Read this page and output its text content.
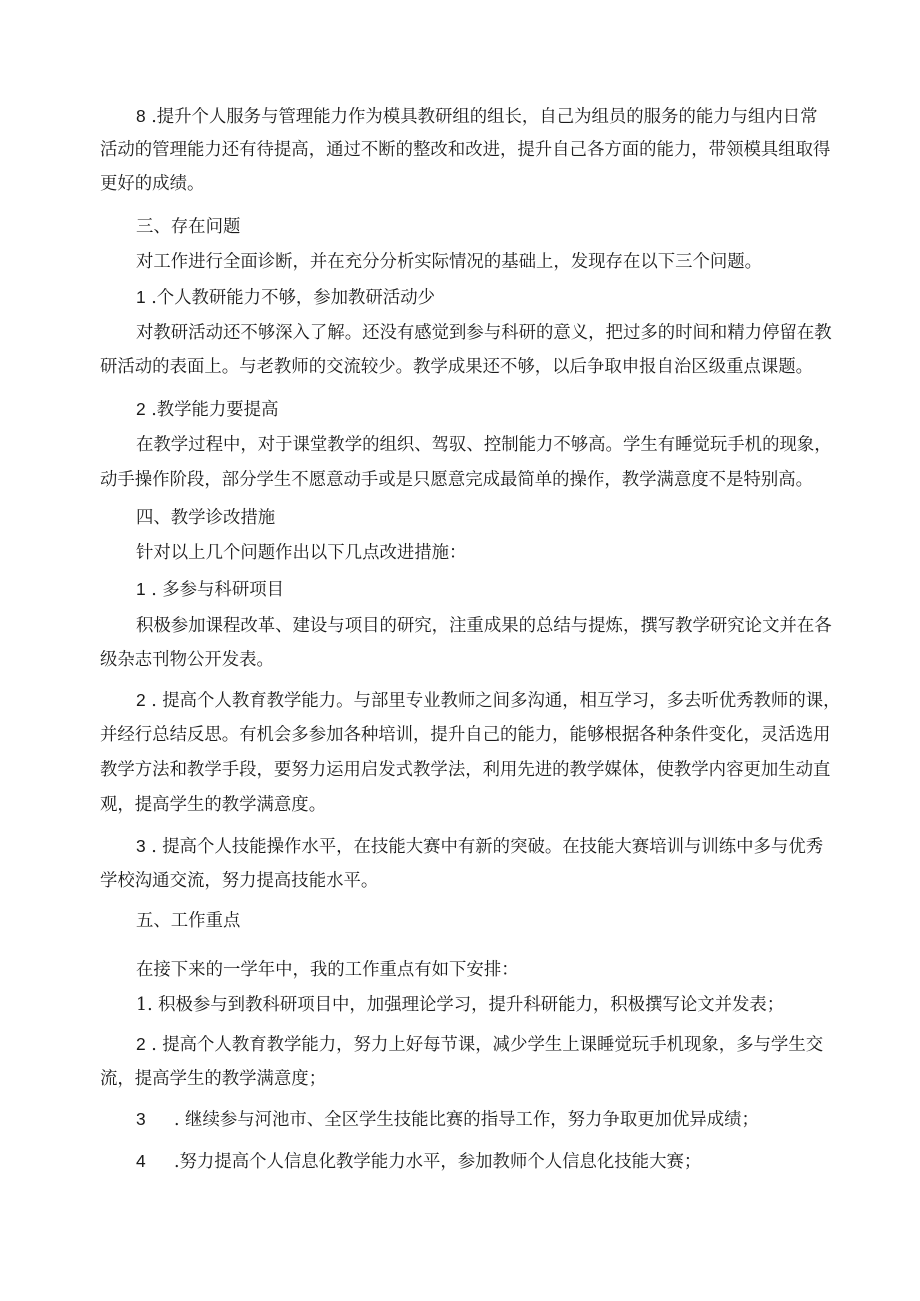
8 .提升个人服务与管理能力作为模具教研组的组长，自己为组员的服务的能力与组内日常
活动的管理能力还有待提高，通过不断的整改和改进，提升自己各方面的能力，带领模具组取得
更好的成绩。
三、存在问题
对工作进行全面诊断，并在充分分析实际情况的基础上，发现存在以下三个问题。
1 .个人教研能力不够，参加教研活动少
对教研活动还不够深入了解。还没有感觉到参与科研的意义，把过多的时间和精力停留在教
研活动的表面上。与老教师的交流较少。教学成果还不够，以后争取申报自治区级重点课题。
2 .教学能力要提高
在教学过程中，对于课堂教学的组织、驾驭、控制能力不够高。学生有睡觉玩手机的现象，
动手操作阶段，部分学生不愿意动手或是只愿意完成最简单的操作，教学满意度不是特别高。
四、教学诊改措施
针对以上几个问题作出以下几点改进措施：
1 . 多参与科研项目
积极参加课程改革、建设与项目的研究，注重成果的总结与提炼，撰写教学研究论文并在各
级杂志刊物公开发表。
2 . 提高个人教育教学能力。与部里专业教师之间多沟通，相互学习，多去听优秀教师的课，
并经行总结反思。有机会多参加各种培训，提升自己的能力，能够根据各种条件变化，灵活选用
教学方法和教学手段，要努力运用启发式教学法，利用先进的教学媒体，使教学内容更加生动直
观，提高学生的教学满意度。
3 . 提高个人技能操作水平，在技能大赛中有新的突破。在技能大赛培训与训练中多与优秀
学校沟通交流，努力提高技能水平。
五、工作重点
在接下来的一学年中，我的工作重点有如下安排：
1. 积极参与到教科研项目中，加强理论学习，提升科研能力，积极撰写论文并发表；
2 . 提高个人教育教学能力，努力上好每节课，减少学生上课睡觉玩手机现象，多与学生交
流，提高学生的教学满意度；
3 . 继续参与河池市、全区学生技能比赛的指导工作，努力争取更加优异成绩；
4 .努力提高个人信息化教学能力水平，参加教师个人信息化技能大赛；
